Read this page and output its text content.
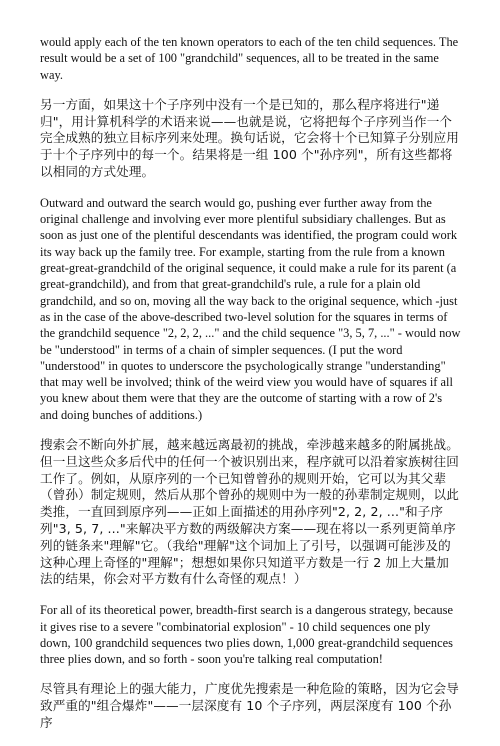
would apply each of the ten known operators to each of the ten child sequences. The result would be a set of 100 "grandchild" sequences, all to be treated in the same way.

另一方面，如果这十个子序列中没有一个是已知的，那么程序将进行"递归"，用计算机科学的术语来说——也就是说，它将把每个子序列当作一个完全成熟的独立目标序列来处理。换句话说，它会将十个已知算子分别应用于十个子序列中的每一个。结果将是一组 100 个"孙序列"，所有这些都将以相同的方式处理。

Outward and outward the search would go, pushing ever further away from the original challenge and involving ever more plentiful subsidiary challenges. But as soon as just one of the plentiful descendants was identified, the program could work its way back up the family tree. For example, starting from the rule from a known great-great-grandchild of the original sequence, it could make a rule for its parent (a great-grandchild), and from that great-grandchild's rule, a rule for a plain old grandchild, and so on, moving all the way back to the original sequence, which -just as in the case of the above-described two-level solution for the squares in terms of the grandchild sequence "2, 2, 2, ..." and the child sequence "3, 5, 7, ..." - would now be "understood" in terms of a chain of simpler sequences. (I put the word "understood" in quotes to underscore the psychologically strange "understanding" that may well be involved; think of the weird view you would have of squares if all you knew about them were that they are the outcome of starting with a row of 2's and doing bunches of additions.)

搜索会不断向外扩展，越来越远离最初的挑战，牵涉越来越多的附属挑战。但一旦这些众多后代中的任何一个被识别出来，程序就可以沿着家族树往回工作了。例如，从原序列的一个已知曾曾孙的规则开始，它可以为其父辈（曾孙）制定规则，然后从那个曾孙的规则中为一般的孙辈制定规则，以此类推，一直回到原序列——正如上面描述的用孙序列"2, 2, 2, ..."和子序列"3, 5, 7, ..."来解决平方数的两级解决方案——现在将以一系列更简单序列的链条来"理解"它。（我给"理解"这个词加上了引号，以强调可能涉及的这种心理上奇怪的"理解"；想想如果你只知道平方数是一行 2 加上大量加法的结果，你会对平方数有什么奇怪的观点！）

For all of its theoretical power, breadth-first search is a dangerous strategy, because it gives rise to a severe "combinatorial explosion" - 10 child sequences one ply down, 100 grandchild sequences two plies down, 1,000 great-grandchild sequences three plies down, and so forth - soon you're talking real computation!

尽管具有理论上的强大能力，广度优先搜索是一种危险的策略，因为它会导致严重的"组合爆炸"——一层深度有 10 个子序列，两层深度有 100 个孙序
